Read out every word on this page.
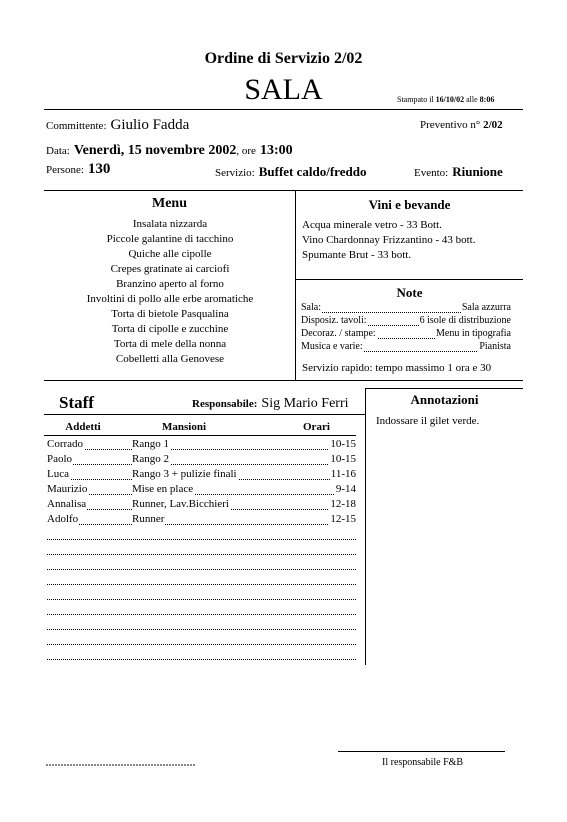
Ordine di Servizio 2/02
SALA	Stampato il 16/10/02 alle 8:06
Committente: Giulio Fadda	Preventivo n° 2/02
Data: Venerdì, 15 novembre 2002, ore 13:00
Persone: 130	Servizio: Buffet caldo/freddo	Evento: Riunione
Menu
Insalata nizzarda
Piccole galantine di tacchino
Quiche alle cipolle
Crepes gratinate ai carciofi
Branzino aperto al forno
Involtini di pollo alle erbe aromatiche
Torta di bietole Pasqualina
Torta di cipolle e zucchine
Torta di mele della nonna
Cobelletti alla Genovese
Vini e bevande
Acqua minerale vetro - 33 Bott.
Vino Chardonnay Frizzantino - 43 bott.
Spumante Brut - 33 bott.
Note
Sala:	Sala azzurra
Disposiz. tavoli:	6 isole di distribuzione
Decoraz. / stampe:	Menu in tipografia
Musica e varie:	Pianista
Servizio rapido: tempo massimo 1 ora e 30
Staff	Responsabile: Sig Mario Ferri
Addetti	Mansioni	Orari
Corrado	Rango 1	10-15
Paolo	Rango 2	10-15
Luca	Rango 3 + pulizie finali	11-16
Maurizio	Mise en place	9-14
Annalisa	Runner, Lav.Bicchieri	12-18
Adolfo	Runner	12-15
Annotazioni
Indossare il gilet verde.
Il responsabile F&B
